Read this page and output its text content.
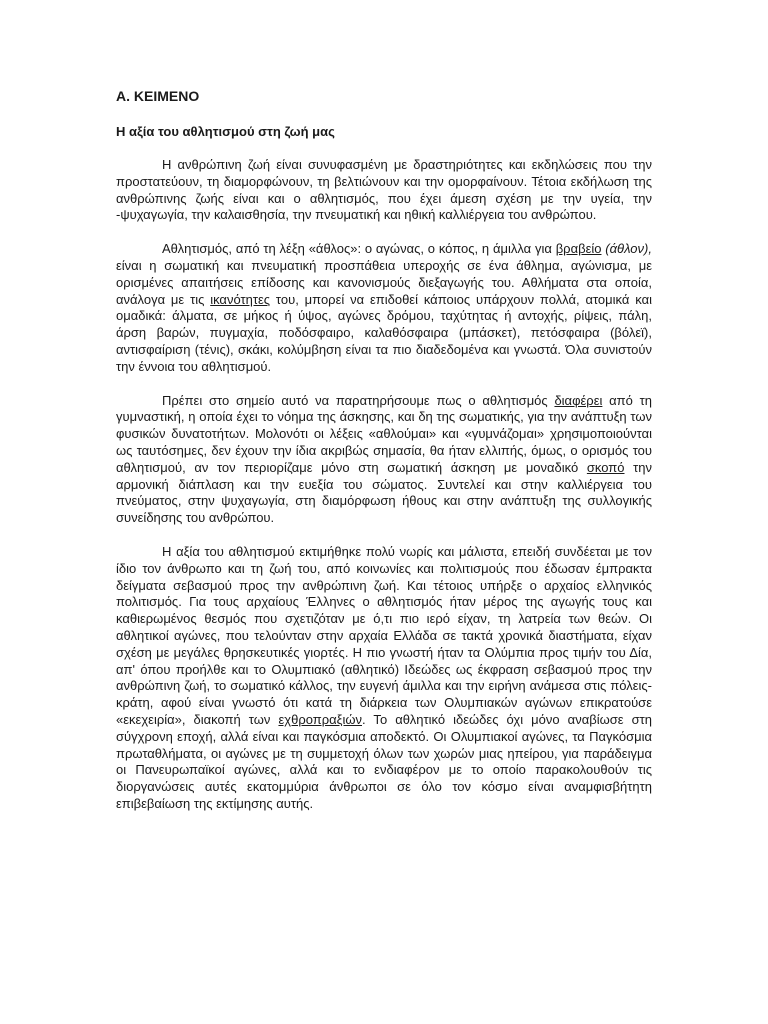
Α. ΚΕΙΜΕΝΟ
Η αξία του αθλητισμού στη ζωή μας

Η ανθρώπινη ζωή είναι συνυφασμένη με δραστηριότητες και εκδηλώσεις που την προστατεύουν, τη διαμορφώνουν, τη βελτιώνουν και την ομορφαίνουν. Τέτοια εκδήλωση της ανθρώπινης ζωής είναι και ο αθλητισμός, που έχει άμεση σχέση με την υγεία, την -ψυχαγωγία, την καλαισθησία, την πνευματική και ηθική καλλιέργεια του ανθρώπου.

Αθλητισμός, από τη λέξη «άθλος»: ο αγώνας, ο κόπος, η άμιλλα για βραβείο (άθλον), είναι η σωματική και πνευματική προσπάθεια υπεροχής σε ένα άθλημα, αγώνισμα, με ορισμένες απαιτήσεις επίδοσης και κανονισμούς διεξαγωγής του. Αθλήματα στα οποία, ανάλογα με τις ικανότητες του, μπορεί να επιδοθεί κάποιος υπάρχουν πολλά, ατομικά και ομαδικά: άλματα, σε μήκος ή ύψος, αγώνες δρόμου, ταχύτητας ή αντοχής, ρίψεις, πάλη, άρση βαρών, πυγμαχία, ποδόσφαιρο, καλαθόσφαιρα (μπάσκετ), πετόσφαιρα (βόλεϊ), αντισφαίριση (τένις), σκάκι, κολύμβηση είναι τα πιο διαδεδομένα και γνωστά. Όλα συνιστούν την έννοια του αθλητισμού.

Πρέπει στο σημείο αυτό να παρατηρήσουμε πως ο αθλητισμός διαφέρει από τη γυμναστική, η οποία έχει το νόημα της άσκησης, και δη της σωματικής, για την ανάπτυξη των φυσικών δυνατοτήτων. Μολονότι οι λέξεις «αθλούμαι» και «γυμνάζομαι» χρησιμοποιούνται ως ταυτόσημες, δεν έχουν την ίδια ακριβώς σημασία, θα ήταν ελλιπής, όμως, ο ορισμός του αθλητισμού, αν τον περιορίζαμε μόνο στη σωματική άσκηση με μοναδικό σκοπό την αρμονική διάπλαση και την ευεξία του σώματος. Συντελεί και στην καλλιέργεια του πνεύματος, στην ψυχαγωγία, στη διαμόρφωση ήθους και στην ανάπτυξη της συλλογικής συνείδησης του ανθρώπου.

Η αξία του αθλητισμού εκτιμήθηκε πολύ νωρίς και μάλιστα, επειδή συνδέεται με τον ίδιο τον άνθρωπο και τη ζωή του, από κοινωνίες και πολιτισμούς που έδωσαν έμπρακτα δείγματα σεβασμού προς την ανθρώπινη ζωή. Και τέτοιος υπήρξε ο αρχαίος ελληνικός πολιτισμός. Για τους αρχαίους Έλληνες ο αθλητισμός ήταν μέρος της αγωγής τους και καθιερωμένος θεσμός που σχετιζόταν με ό,τι πιο ιερό είχαν, τη λατρεία των θεών. Οι αθλητικοί αγώνες, που τελούνταν στην αρχαία Ελλάδα σε τακτά χρονικά διαστήματα, είχαν σχέση με μεγάλες θρησκευτικές γιορτές. Η πιο γνωστή ήταν τα Ολύμπια προς τιμήν του Δία, απ' όπου προήλθε και το Ολυμπιακό (αθλητικό) Ιδεώδες ως έκφραση σεβασμού προς την ανθρώπινη ζωή, το σωματικό κάλλος, την ευγενή άμιλλα και την ειρήνη ανάμεσα στις πόλεις-κράτη, αφού είναι γνωστό ότι κατά τη διάρκεια των Ολυμπιακών αγώνων επικρατούσε «εκεχειρία», διακοπή των εχθροπραξιών. Το αθλητικό ιδεώδες όχι μόνο αναβίωσε στη σύγχρονη εποχή, αλλά είναι και παγκόσμια αποδεκτό. Οι Ολυμπιακοί αγώνες, τα Παγκόσμια πρωταθλήματα, οι αγώνες με τη συμμετοχή όλων των χωρών μιας ηπείρου, για παράδειγμα οι Πανευρωπαϊκοί αγώνες, αλλά και το ενδιαφέρον με το οποίο παρακολουθούν τις διοργανώσεις αυτές εκατομμύρια άνθρωποι σε όλο τον κόσμο είναι αναμφισβήτητη επιβεβαίωση της εκτίμησης αυτής.
